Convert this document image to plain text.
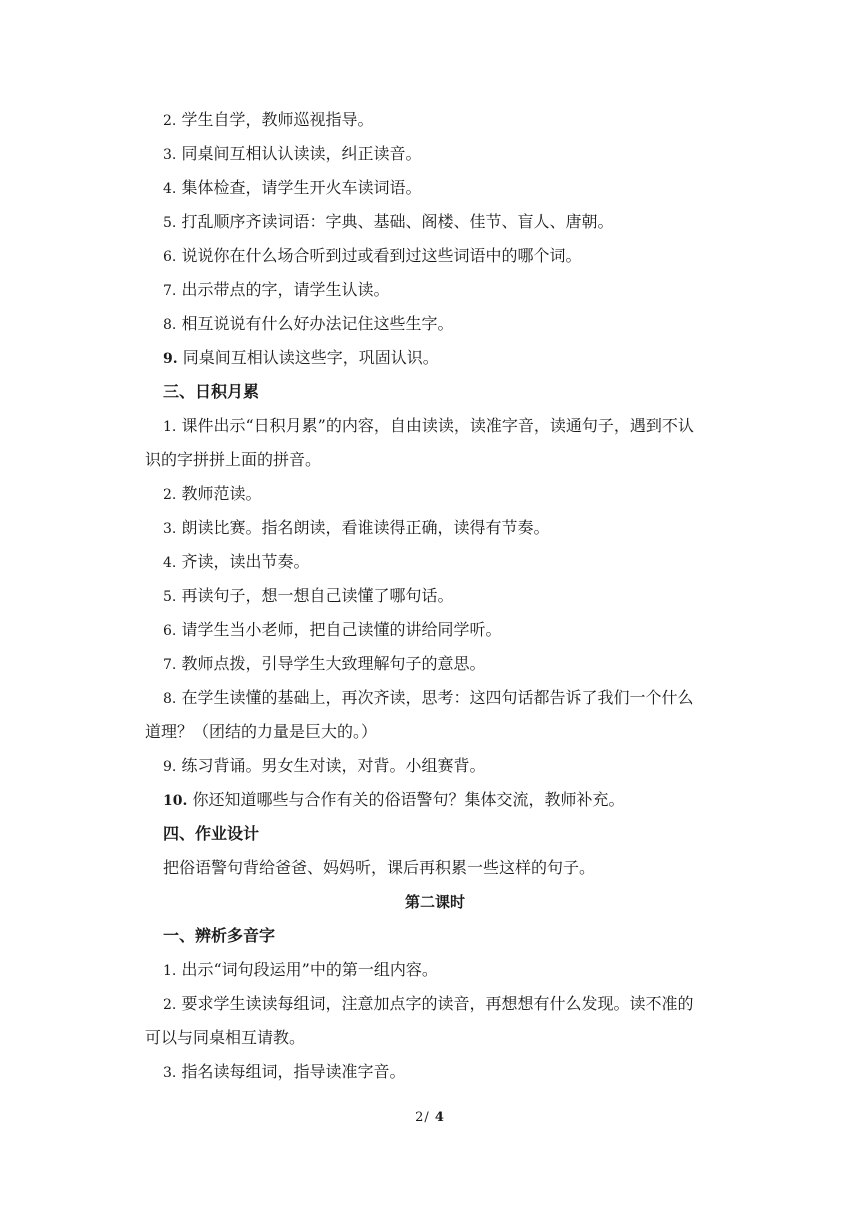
2. 学生自学，教师巡视指导。
3. 同桌间互相认认读读，纠正读音。
4. 集体检查，请学生开火车读词语。
5. 打乱顺序齐读词语：字典、基础、阁楼、佳节、盲人、唐朝。
6. 说说你在什么场合听到过或看到过这些词语中的哪个词。
7. 出示带点的字，请学生认读。
8. 相互说说有什么好办法记住这些生字。
9. 同桌间互相认读这些字，巩固认识。
三、日积月累
1. 课件出示“日积月累”的内容，自由读读，读准字音，读通句子，遇到不认
识的字拼拼上面的拼音。
2. 教师范读。
3. 朗读比赛。指名朗读，看谁读得正确，读得有节奏。
4. 齐读，读出节奏。
5. 再读句子，想一想自己读懂了哪句话。
6. 请学生当小老师，把自己读懂的讲给同学听。
7. 教师点拨，引导学生大致理解句子的意思。
8. 在学生读懂的基础上，再次齐读，思考：这四句话都告诉了我们一个什么
道理？（团结的力量是巨大的。）
9. 练习背诵。男女生对读，对背。小组赛背。
10. 你还知道哪些与合作有关的俗语警句？集体交流，教师补充。
四、作业设计
把俗语警句背给爸爸、妈妈听，课后再积累一些这样的句子。
第二课时
一、辨析多音字
1. 出示“词句段运用”中的第一组内容。
2. 要求学生读读每组词，注意加点字的读音，再想想有什么发现。读不准的
可以与同桌相互请教。
3. 指名读每组词，指导读准字音。
2/ 4
